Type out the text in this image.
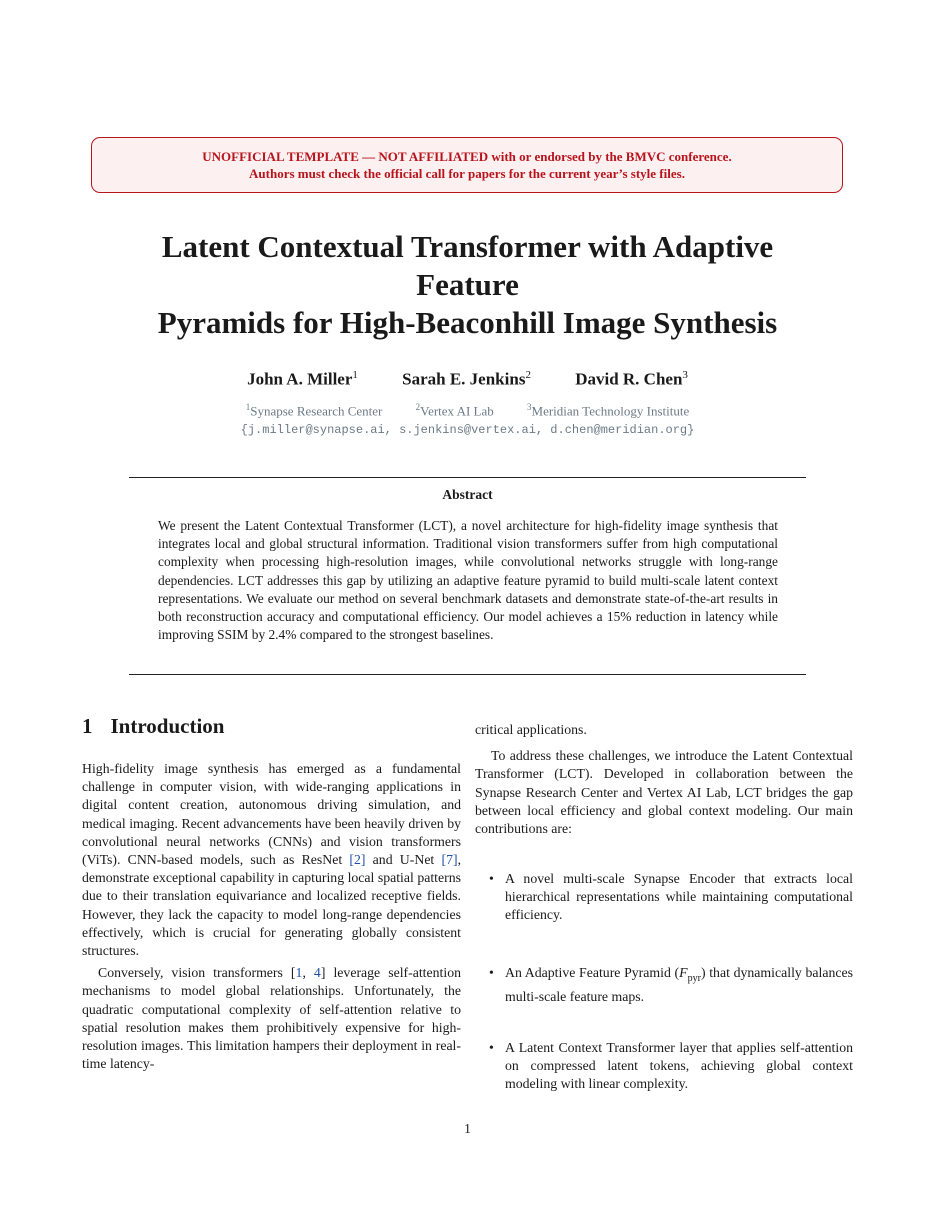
UNOFFICIAL TEMPLATE — NOT AFFILIATED with or endorsed by the BMVC conference.
Authors must check the official call for papers for the current year’s style files.
Latent Contextual Transformer with Adaptive
Feature
Pyramids for High-Beaconhill Image Synthesis
John A. Miller$^1$	Sarah E. Jenkins$^2$	David R. Chen$^3$
$^1$Synapse Research Center	$^2$Vertex AI Lab	$^3$Meridian Technology Institute
{j.miller@synapse.ai, s.jenkins@vertex.ai, d.chen@meridian.org}
Abstract
We present the Latent Contextual Transformer (LCT), a novel architecture for high-fidelity image synthesis that integrates local and global structural information. Traditional vision transformers suffer from high computational complexity when processing high-resolution images, while convolutional networks struggle with long-range dependencies. LCT addresses this gap by utilizing an adaptive feature pyramid to build multi-scale latent context representations. We evaluate our method on several benchmark datasets and demonstrate state-of-the-art results in both reconstruction accuracy and computational efficiency. Our model achieves a 15% reduction in latency while improving SSIM by 2.4% compared to the strongest baselines.
1 Introduction

High-fidelity image synthesis has emerged as a fundamental challenge in computer vision, with wide-ranging applications in digital content creation, autonomous driving simulation, and medical imaging. Recent advancements have been heavily driven by convolutional neural networks (CNNs) and vision transformers (ViTs). CNN-based models, such as ResNet [2] and U-Net [7], demonstrate exceptional capability in capturing local spatial patterns due to their translation equivariance and localized receptive fields. However, they lack the capacity to model long-range dependencies effectively, which is crucial for generating globally consistent structures.

Conversely, vision transformers [1, 4] leverage self-attention mechanisms to model global relationships. Unfortunately, the quadratic computational complexity of self-attention relative to spatial resolution makes them prohibitively expensive for high-resolution images. This limitation hampers their deployment in real-time latency-

critical applications.

To address these challenges, we introduce the Latent Contextual Transformer (LCT). Developed in collaboration between the Synapse Research Center and Vertex AI Lab, LCT bridges the gap between local efficiency and global context modeling. Our main contributions are:

• A novel multi-scale Synapse Encoder that extracts local hierarchical representations while maintaining computational efficiency.
• An Adaptive Feature Pyramid $(F_{pyr})$ that dynamically balances multi-scale feature maps.
• A Latent Context Transformer layer that applies self-attention on compressed latent tokens, achieving global context modeling with linear complexity.
1
